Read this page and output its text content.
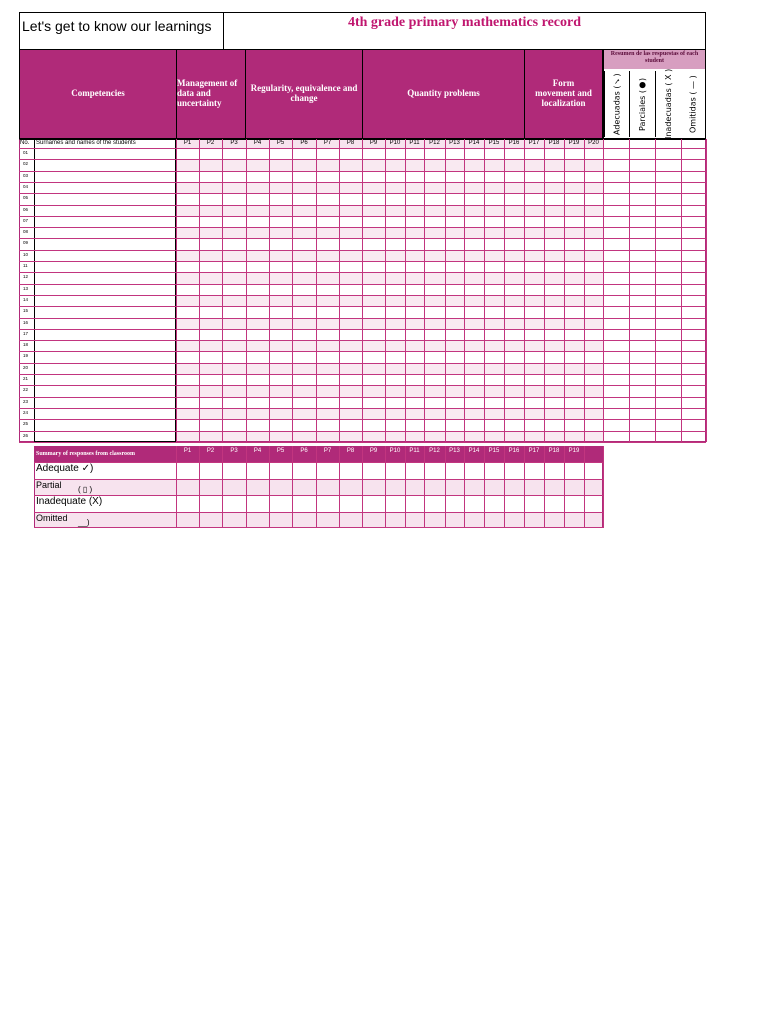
Let's get to know our learnings	4th grade primary mathematics record
Competencies
Management of data and uncertainty
Regularity, equivalence and change	Quantity problems
Form movement and localization
Resumen de las respuestas of each student
Adecuadas (✓)	Parciales (●)	Inadecuadas ( X )	Omitidas ( — )
No.	Surnames and names of the students	P1	P2	P3	P4	P5	P6	P7	P8	P9	P10	P11	P12	P13	P14	P15	P16	P17	P18	P19	P20
01
02
03
04
05
06
07
08
09
10
11
12
13
14
15
16
17
18
19
20
21
22
23
24
25
26
Summary of responses from classroom	P1	P2	P3	P4	P5	P6	P7	P8	P9	P10	P11	P12	P13	P14	P15	P16	P17	P18	P19
Adequate ✓)
Partial	( ▯ )
Inadequate (X)
Omitted	__)
